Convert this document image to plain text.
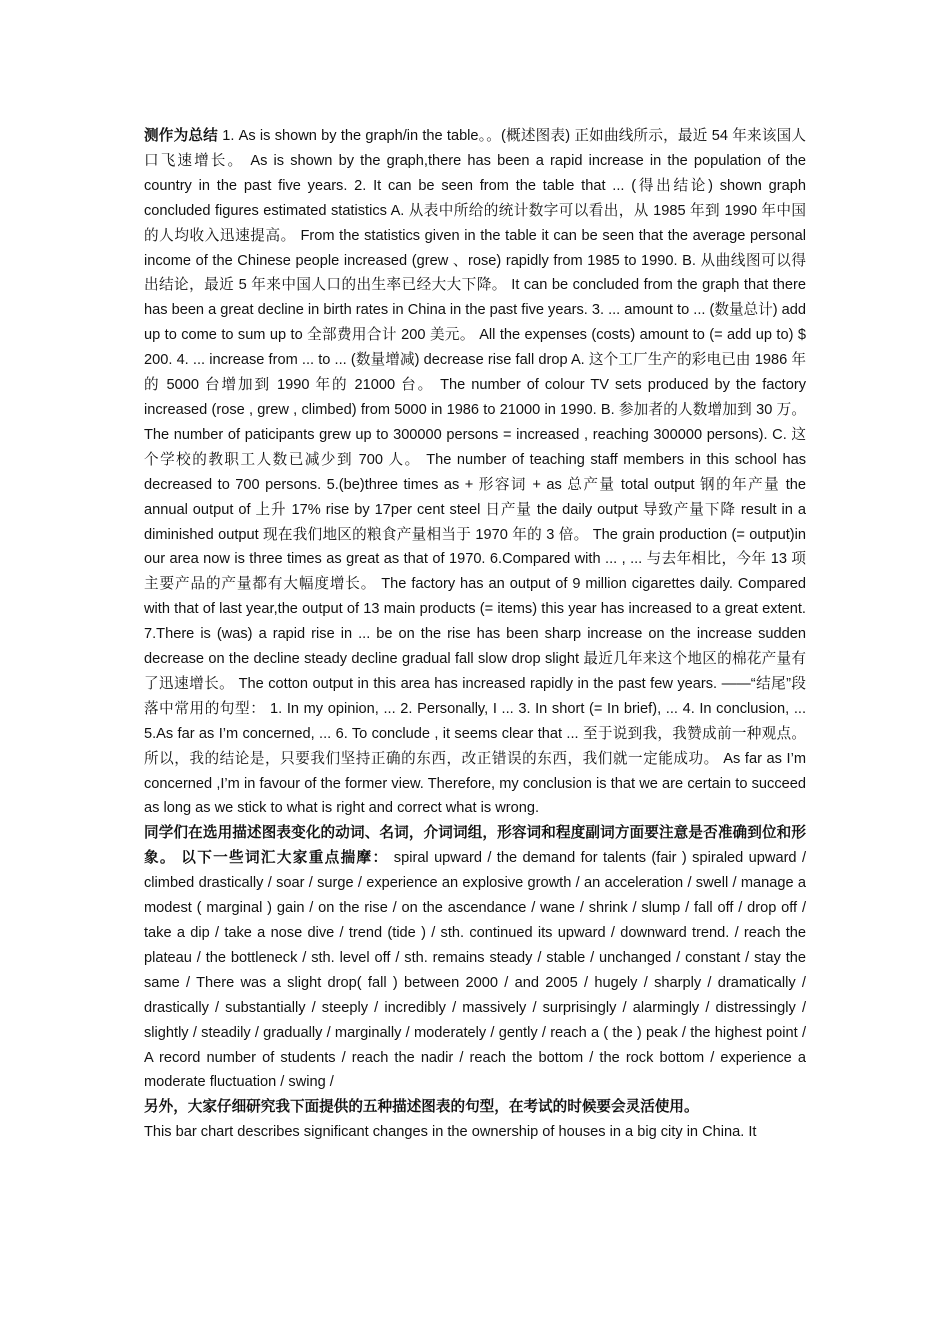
测作为总结 1. As is shown by the graph/in the table。。(概述图表) 正如曲线所示，最近 54 年来该国人口飞速增长。 As is shown by the graph,there has been a rapid increase in the population of the country in the past five years. 2. It can be seen from the table that ... (得出结论) shown graph concluded figures estimated statistics A. 从表中所给的统计数字可以看出，从 1985 年到 1990 年中国的人均收入迅速提高。 From the statistics given in the table it can be seen that the average personal income of the Chinese people increased (grew 、rose) rapidly from 1985 to 1990. B. 从曲线图可以得出结论，最近 5 年来中国人口的出生率已经大大下降。 It can be concluded from the graph that there has been a great decline in birth rates in China in the past five years. 3. ... amount to ... (数量总计) add up to come to sum up to 全部费用合计 200 美元。 All the expenses (costs) amount to (= add up to) $ 200. 4. ... increase from ... to ... (数量增减) decrease rise fall drop A. 这个工厂生产的彩电已由 1986 年的 5000 台增加到 1990 年的 21000 台。 The number of colour TV sets produced by the factory increased (rose , grew , climbed) from 5000 in 1986 to 21000 in 1990. B. 参加者的人数增加到 30 万。 The number of paticipants grew up to 300000 persons = increased , reaching 300000 persons). C. 这个学校的教职工人数已减少到 700 人。 The number of teaching staff members in this school has decreased to 700 persons. 5.(be)three times as + 形容词 + as 总产量 total output 钢的年产量 the annual output of 上升 17% rise by 17per cent steel 日产量 the daily output 导致产量下降 result in a diminished output 现在我们地区的粮食产量相当于 1970 年的 3 倍。 The grain production (= output)in our area now is three times as great as that of 1970. 6.Compared with ... , ... 与去年相比，今年 13 项主要产品的产量都有大幅度增长。 The factory has an output of 9 million cigarettes daily. Compared with that of last year,the output of 13 main products (= items) this year has increased to a great extent. 7.There is (was) a rapid rise in ... be on the rise has been sharp increase on the increase sudden decrease on the decline steady decline gradual fall slow drop slight 最近几年来这个地区的棉花产量有了迅速增长。 The cotton output in this area has increased rapidly in the past few years. ——“结尾”段落中常用的句型： 1. In my opinion, ... 2. Personally, I ... 3. In short (= In brief), ... 4. In conclusion, ... 5.As far as I’m concerned, ... 6. To conclude , it seems clear that ... 至于说到我，我赞成前一种观点。所以，我的结论是，只要我们坚持正确的东西，改正错误的东西，我们就一定能成功。 As far as I’m concerned ,I’m in favour of the former view. Therefore, my conclusion is that we are certain to succeed as long as we stick to what is right and correct what is wrong.

同学们在选用描述图表变化的动词、名词，介词词组，形容词和程度副词方面要注意是否准确到位和形象。 以下一些词汇大家重点揣摩： spiral upward / the demand for talents (fair ) spiraled upward / climbed drastically / soar / surge / experience an explosive growth / an acceleration / swell / manage a modest ( marginal ) gain / on the rise / on the ascendance / wane / shrink / slump / fall off / drop off / take a dip / take a nose dive / trend (tide ) / sth. continued its upward / downward trend. / reach the plateau / the bottleneck / sth. level off / sth. remains steady / stable / unchanged / constant / stay the same / There was a slight drop( fall ) between 2000 / and 2005 / hugely / sharply / dramatically / drastically / substantially / steeply / incredibly / massively / surprisingly / alarmingly / distressingly / slightly / steadily / gradually / marginally / moderately / gently / reach a ( the ) peak / the highest point / A record number of students / reach the nadir / reach the bottom / the rock bottom / experience a moderate fluctuation / swing /

另外，大家仔细研究我下面提供的五种描述图表的句型，在考试的时候要会灵活使用。
This bar chart describes significant changes in the ownership of houses in a big city in China. It
